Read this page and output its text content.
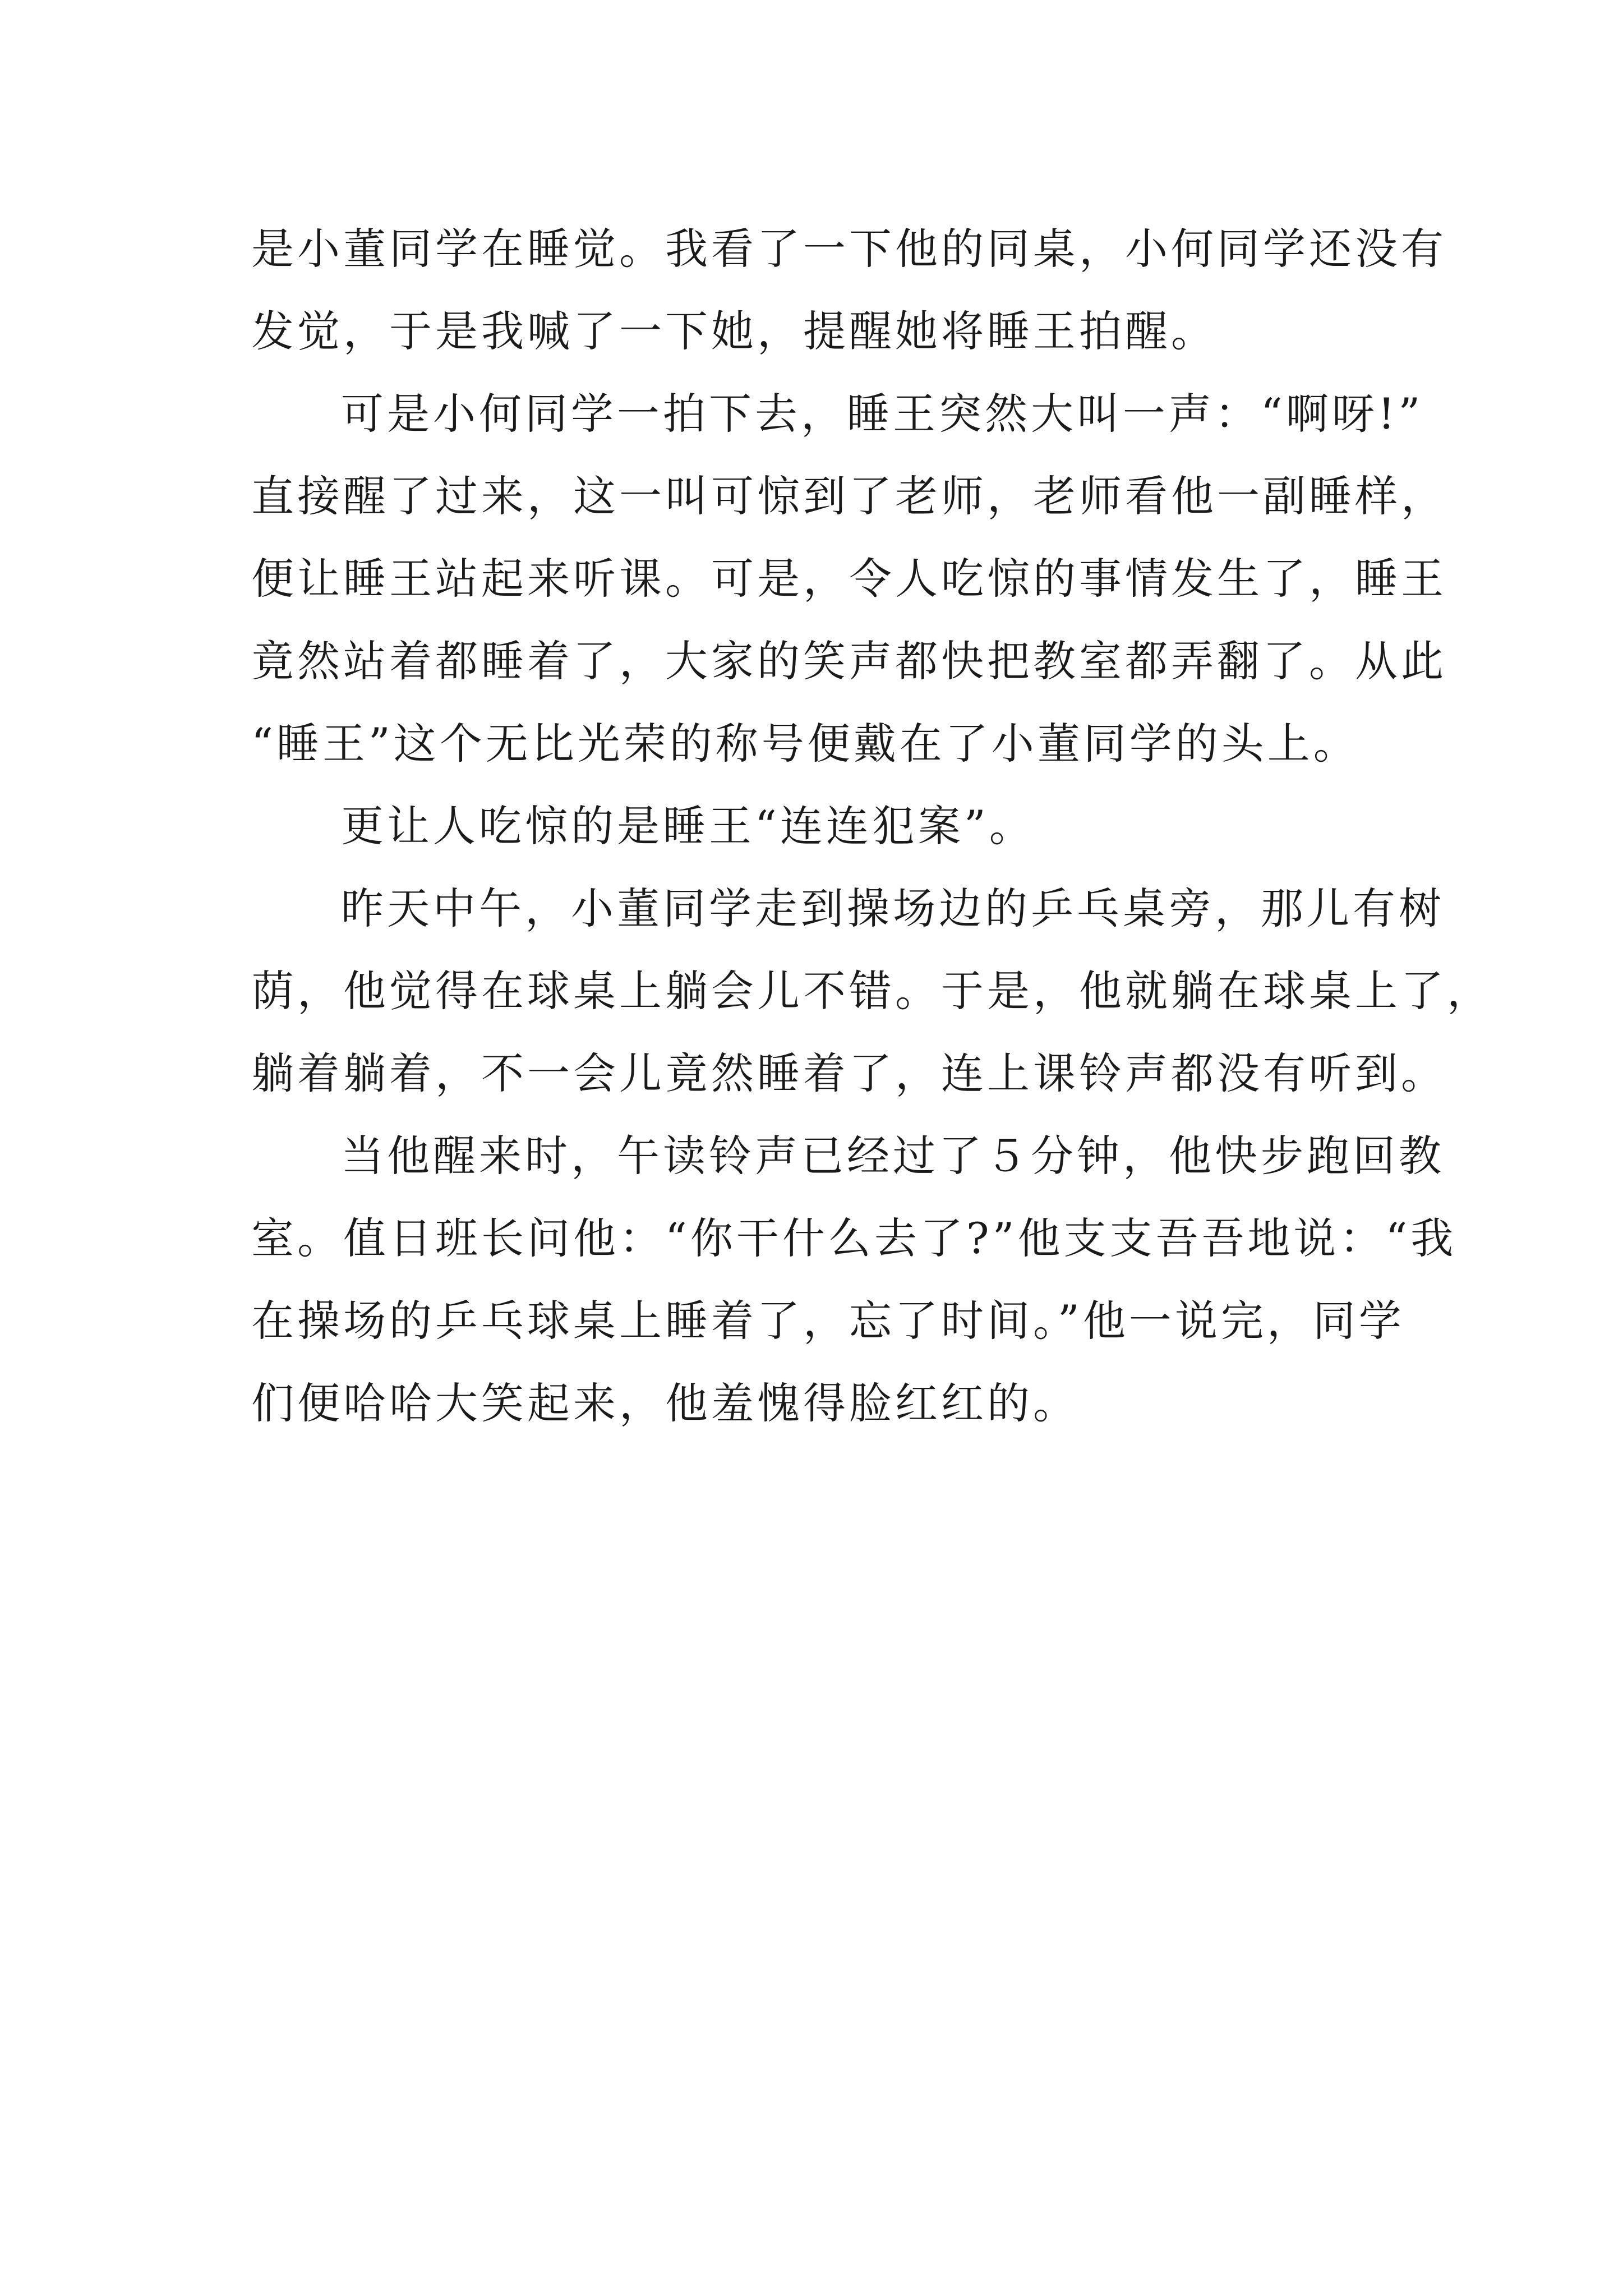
是小董同学在睡觉。我看了一下他的同桌，小何同学还没有
发觉，于是我喊了一下她，提醒她将睡王拍醒。
可是小何同学一拍下去，睡王突然大叫一声：“啊呀!”
直接醒了过来，这一叫可惊到了老师，老师看他一副睡样，
便让睡王站起来听课。可是，令人吃惊的事情发生了，睡王
竟然站着都睡着了，大家的笑声都快把教室都弄翻了。从此
“睡王”这个无比光荣的称号便戴在了小董同学的头上。
更让人吃惊的是睡王“连连犯案”。
昨天中午，小董同学走到操场边的乒乓桌旁，那儿有树
荫，他觉得在球桌上躺会儿不错。于是，他就躺在球桌上了，
躺着躺着，不一会儿竟然睡着了，连上课铃声都没有听到。
当他醒来时，午读铃声已经过了５分钟，他快步跑回教
室。值日班长问他：“你干什么去了?”他支支吾吾地说：“我
在操场的乒乓球桌上睡着了，忘了时间。”他一说完，同学
们便哈哈大笑起来，他羞愧得脸红红的。
